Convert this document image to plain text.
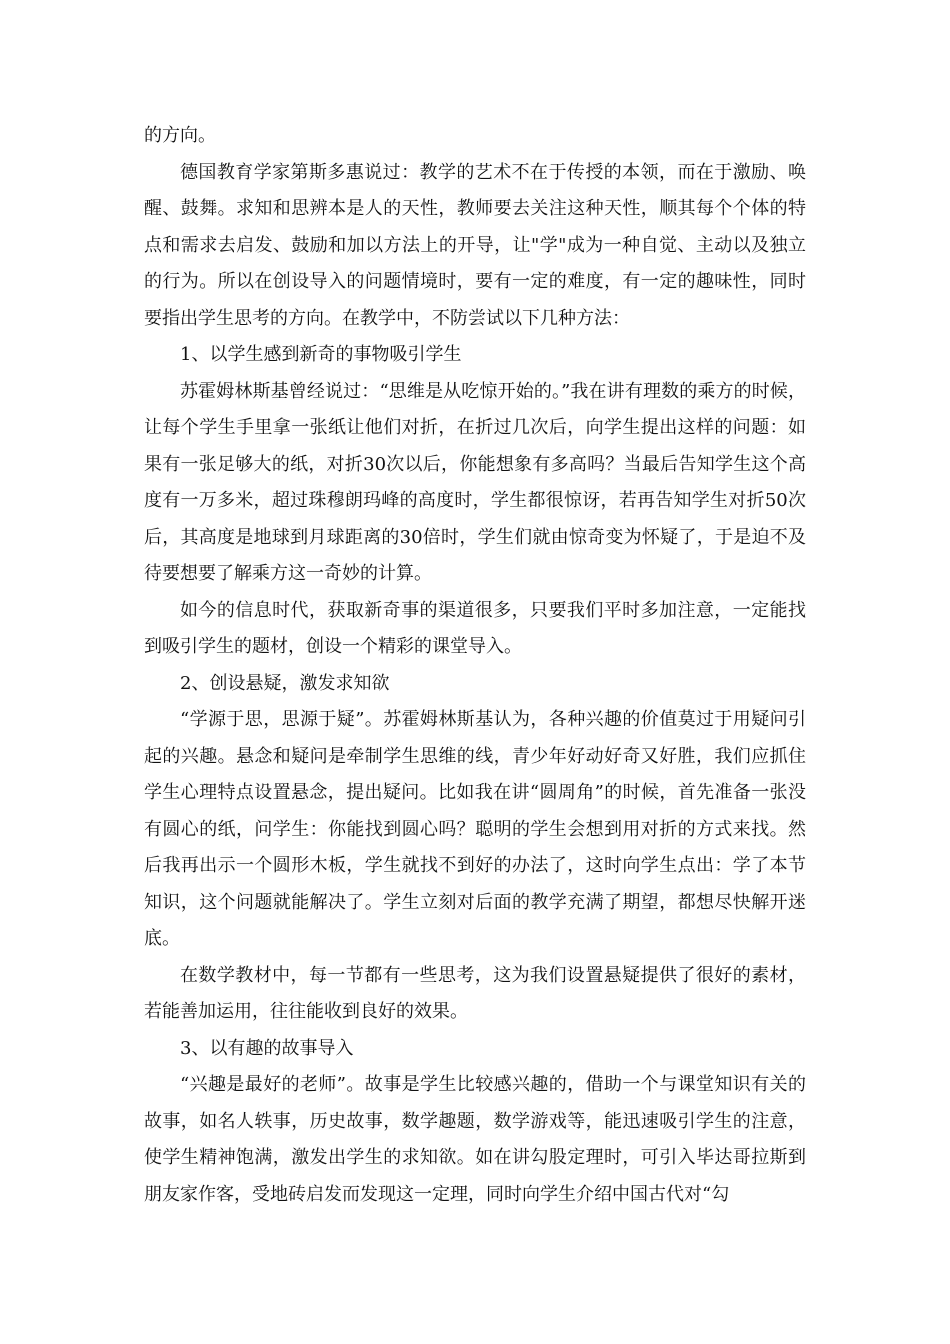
的方向。

德国教育学家第斯多惠说过：教学的艺术不在于传授的本领，而在于激励、唤醒、鼓舞。求知和思辨本是人的天性，教师要去关注这种天性，顺其每个个体的特点和需求去启发、鼓励和加以方法上的开导，让"学"成为一种自觉、主动以及独立的行为。所以在创设导入的问题情境时，要有一定的难度，有一定的趣味性，同时要指出学生思考的方向。在教学中，不防尝试以下几种方法：

1、以学生感到新奇的事物吸引学生

苏霍姆林斯基曾经说过：“思维是从吃惊开始的。”我在讲有理数的乘方的时候，让每个学生手里拿一张纸让他们对折，在折过几次后，向学生提出这样的问题：如果有一张足够大的纸，对折30次以后，你能想象有多高吗？当最后告知学生这个高度有一万多米，超过珠穆朗玛峰的高度时，学生都很惊讶，若再告知学生对折50次后，其高度是地球到月球距离的30倍时，学生们就由惊奇变为怀疑了，于是迫不及待要想要了解乘方这一奇妙的计算。

如今的信息时代，获取新奇事的渠道很多，只要我们平时多加注意，一定能找到吸引学生的题材，创设一个精彩的课堂导入。

2、创设悬疑，激发求知欲

“学源于思，思源于疑”。苏霍姆林斯基认为，各种兴趣的价值莫过于用疑问引起的兴趣。悬念和疑问是牵制学生思维的线，青少年好动好奇又好胜，我们应抓住学生心理特点设置悬念，提出疑问。比如我在讲“圆周角”的时候，首先准备一张没有圆心的纸，问学生：你能找到圆心吗？聪明的学生会想到用对折的方式来找。然后我再出示一个圆形木板，学生就找不到好的办法了，这时向学生点出：学了本节知识，这个问题就能解决了。学生立刻对后面的教学充满了期望，都想尽快解开迷底。

在数学教材中，每一节都有一些思考，这为我们设置悬疑提供了很好的素材，若能善加运用，往往能收到良好的效果。

3、以有趣的故事导入

“兴趣是最好的老师”。故事是学生比较感兴趣的，借助一个与课堂知识有关的故事，如名人轶事，历史故事，数学趣题，数学游戏等，能迅速吸引学生的注意，使学生精神饱满，激发出学生的求知欲。如在讲勾股定理时，可引入毕达哥拉斯到朋友家作客，受地砖启发而发现这一定理，同时向学生介绍中国古代对“勾
